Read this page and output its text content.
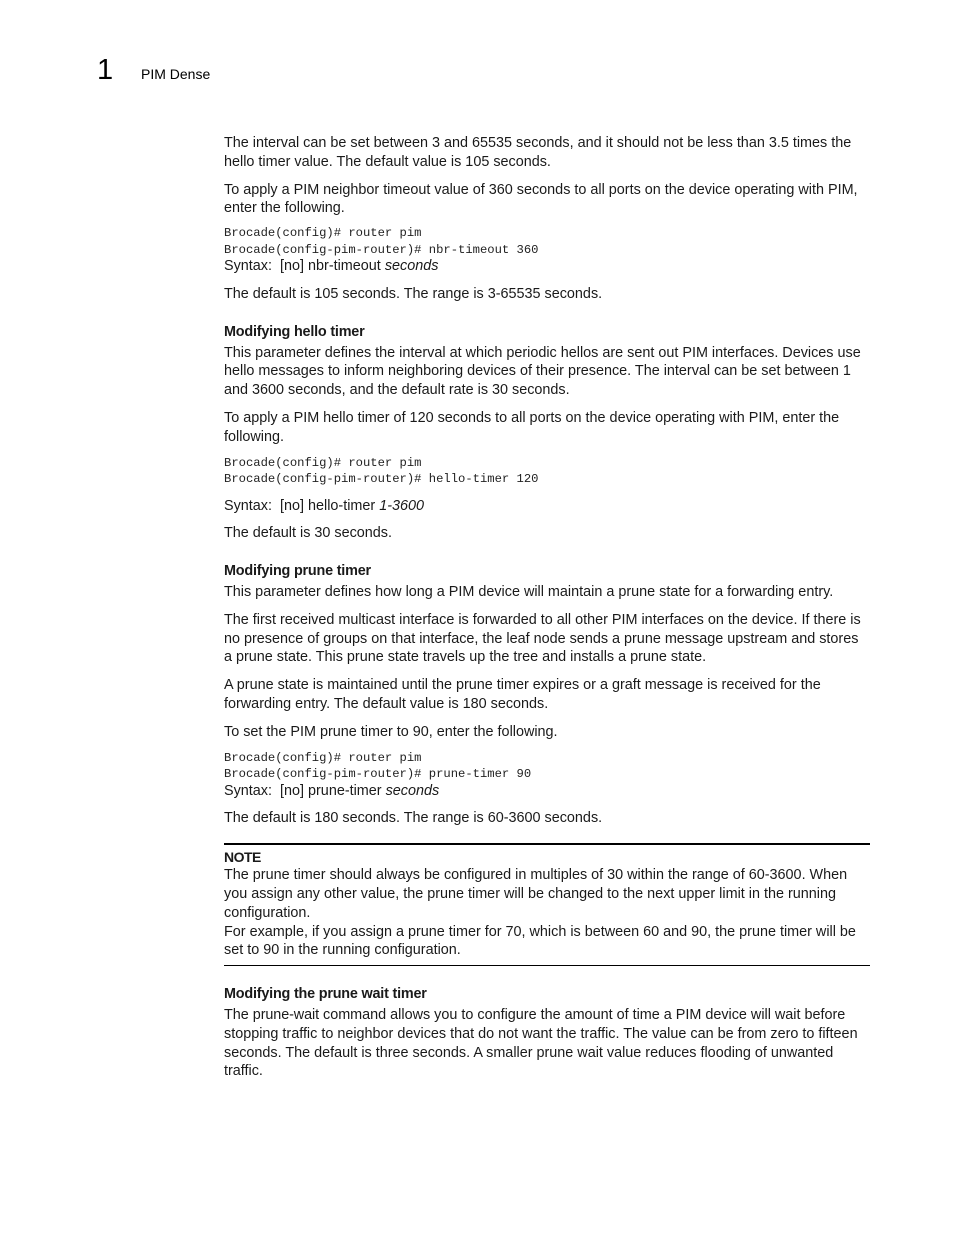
1 PIM Dense

The interval can be set between 3 and 65535 seconds, and it should not be less than 3.5 times the hello timer value. The default value is 105 seconds.

To apply a PIM neighbor timeout value of 360 seconds to all ports on the device operating with PIM, enter the following.

Brocade(config)# router pim
Brocade(config-pim-router)# nbr-timeout 360

Syntax: [no] nbr-timeout seconds

The default is 105 seconds. The range is 3-65535 seconds.

Modifying hello timer

This parameter defines the interval at which periodic hellos are sent out PIM interfaces. Devices use hello messages to inform neighboring devices of their presence. The interval can be set between 1 and 3600 seconds, and the default rate is 30 seconds.

To apply a PIM hello timer of 120 seconds to all ports on the device operating with PIM, enter the following.

Brocade(config)# router pim
Brocade(config-pim-router)# hello-timer 120

Syntax: [no] hello-timer 1-3600

The default is 30 seconds.

Modifying prune timer

This parameter defines how long a PIM device will maintain a prune state for a forwarding entry.

The first received multicast interface is forwarded to all other PIM interfaces on the device. If there is no presence of groups on that interface, the leaf node sends a prune message upstream and stores a prune state. This prune state travels up the tree and installs a prune state.

A prune state is maintained until the prune timer expires or a graft message is received for the forwarding entry. The default value is 180 seconds.

To set the PIM prune timer to 90, enter the following.

Brocade(config)# router pim
Brocade(config-pim-router)# prune-timer 90

Syntax: [no] prune-timer seconds

The default is 180 seconds. The range is 60-3600 seconds.

NOTE

The prune timer should always be configured in multiples of 30 within the range of 60-3600. When you assign any other value, the prune timer will be changed to the next upper limit in the running configuration.

For example, if you assign a prune timer for 70, which is between 60 and 90, the prune timer will be set to 90 in the running configuration.

Modifying the prune wait timer

The prune-wait command allows you to configure the amount of time a PIM device will wait before stopping traffic to neighbor devices that do not want the traffic. The value can be from zero to fifteen seconds. The default is three seconds. A smaller prune wait value reduces flooding of unwanted traffic.
